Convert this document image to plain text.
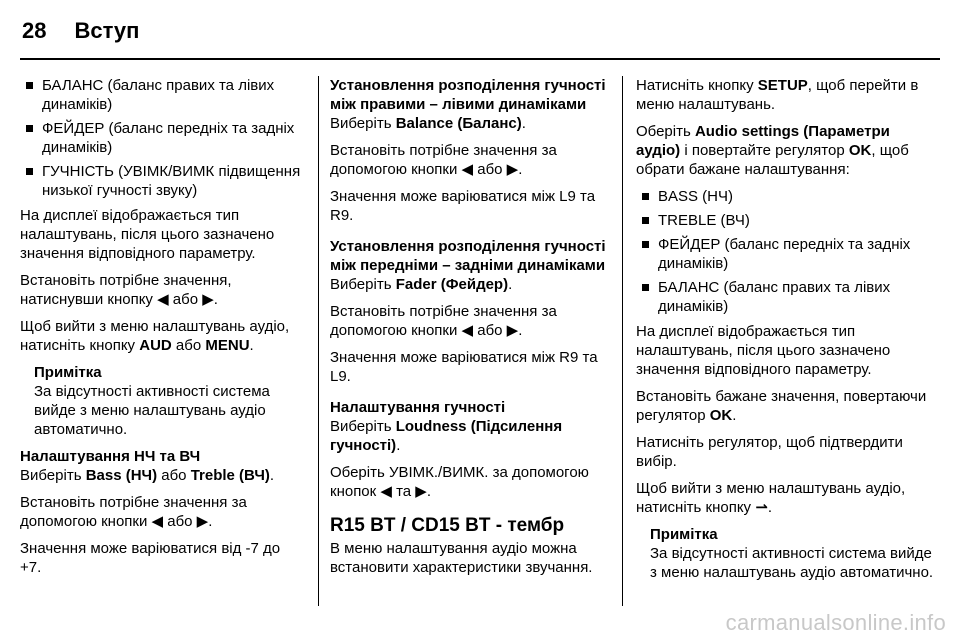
28 Вступ
БАЛАНС (баланс правих та лівих динаміків)
ФЕЙДЕР (баланс передніх та задніх динаміків)
ГУЧНІСТЬ (УВІМК/ВИМК підвищення низької гучності звуку)

На дисплеї відображається тип налаштувань, після цього зазначено значення відповідного параметру.

Встановіть потрібне значення, натиснувши кнопку ◀ або ▶.

Щоб вийти з меню налаштувань аудіо, натисніть кнопку AUD або MENU.

Примітка

За відсутності активності система вийде з меню налаштувань аудіо автоматично.

Налаштування НЧ та ВЧ

Виберіть Bass (НЧ) або Treble (ВЧ).

Встановіть потрібне значення за допомогою кнопки ◀ або ▶.

Значення може варіюватися від -7 до +7.

Установлення розподілення гучності між правими – лівими динаміками

Виберіть Balance (Баланс).

Встановіть потрібне значення за допомогою кнопки ◀ або ▶.

Значення може варіюватися між L9 та R9.

Установлення розподілення гучності між передніми – задніми динаміками

Виберіть Fader (Фейдер).

Встановіть потрібне значення за допомогою кнопки ◀ або ▶.

Значення може варіюватися між R9 та L9.

Налаштування гучності

Виберіть Loudness (Підсилення гучності).

Оберіть УВІМК./ВИМК. за допомогою кнопок ◀ та ▶.

R15 BT / CD15 BT - тембр

В меню налаштування аудіо можна встановити характеристики звучання.

Натисніть кнопку SETUP, щоб перейти в меню налаштувань.

Оберіть Audio settings (Параметри аудіо) і повертайте регулятор OK, щоб обрати бажане налаштування:

BASS (НЧ)
TREBLE (ВЧ)
ФЕЙДЕР (баланс передніх та задніх динаміків)
БАЛАНС (баланс правих та лівих динаміків)

На дисплеї відображається тип налаштувань, після цього зазначено значення відповідного параметру.

Встановіть бажане значення, повертаючи регулятор OK.

Натисніть регулятор, щоб підтвердити вибір.

Щоб вийти з меню налаштувань аудіо, натисніть кнопку ⇀.

Примітка

За відсутності активності система вийде з меню налаштувань аудіо автоматично.

carmanualsonline.info
